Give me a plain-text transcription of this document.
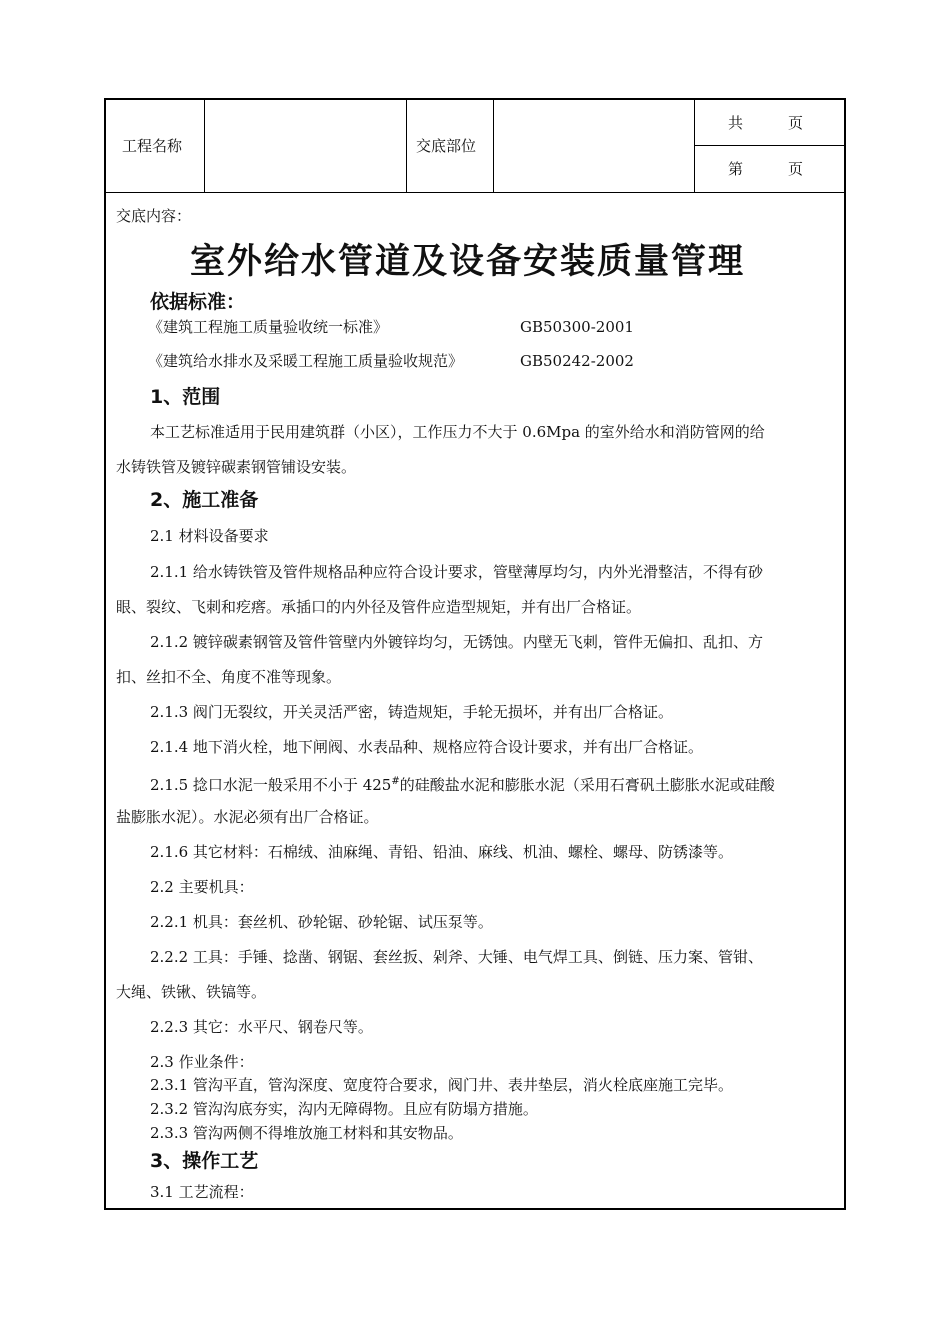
工程名称	交底部位
共　　　页
第　　　页
交底内容：
室外给水管道及设备安装质量管理
依据标准：
《建筑工程施工质量验收统一标准》	GB50300-2001
《建筑给水排水及采暖工程施工质量验收规范》	GB50242-2002
1、范围
本工艺标准适用于民用建筑群（小区），工作压力不大于 0.6Mpa 的室外给水和消防管网的给
水铸铁管及镀锌碳素钢管铺设安装。
2、施工准备
2.1 材料设备要求
2.1.1 给水铸铁管及管件规格品种应符合设计要求，管壁薄厚均匀，内外光滑整洁，不得有砂
眼、裂纹、飞刺和疙瘩。承插口的内外径及管件应造型规矩，并有出厂合格证。
2.1.2 镀锌碳素钢管及管件管壁内外镀锌均匀，无锈蚀。内壁无飞刺，管件无偏扣、乱扣、方
扣、丝扣不全、角度不准等现象。
2.1.3 阀门无裂纹，开关灵活严密，铸造规矩，手轮无损坏，并有出厂合格证。
2.1.4 地下消火栓，地下闸阀、水表品种、规格应符合设计要求，并有出厂合格证。
2.1.5 捻口水泥一般采用不小于 425#的硅酸盐水泥和膨胀水泥（采用石膏矾土膨胀水泥或硅酸
盐膨胀水泥）。水泥必须有出厂合格证。
2.1.6 其它材料：石棉绒、油麻绳、青铅、铅油、麻线、机油、螺栓、螺母、防锈漆等。
2.2 主要机具：
2.2.1 机具：套丝机、砂轮锯、砂轮锯、试压泵等。
2.2.2 工具：手锤、捻凿、钢锯、套丝扳、剁斧、大锤、电气焊工具、倒链、压力案、管钳、
大绳、铁锹、铁镐等。
2.2.3 其它：水平尺、钢卷尺等。
2.3 作业条件：
2.3.1 管沟平直，管沟深度、宽度符合要求，阀门井、表井垫层，消火栓底座施工完毕。
2.3.2 管沟沟底夯实，沟内无障碍物。且应有防塌方措施。
2.3.3 管沟两侧不得堆放施工材料和其安物品。
3、操作工艺
3.1 工艺流程：
